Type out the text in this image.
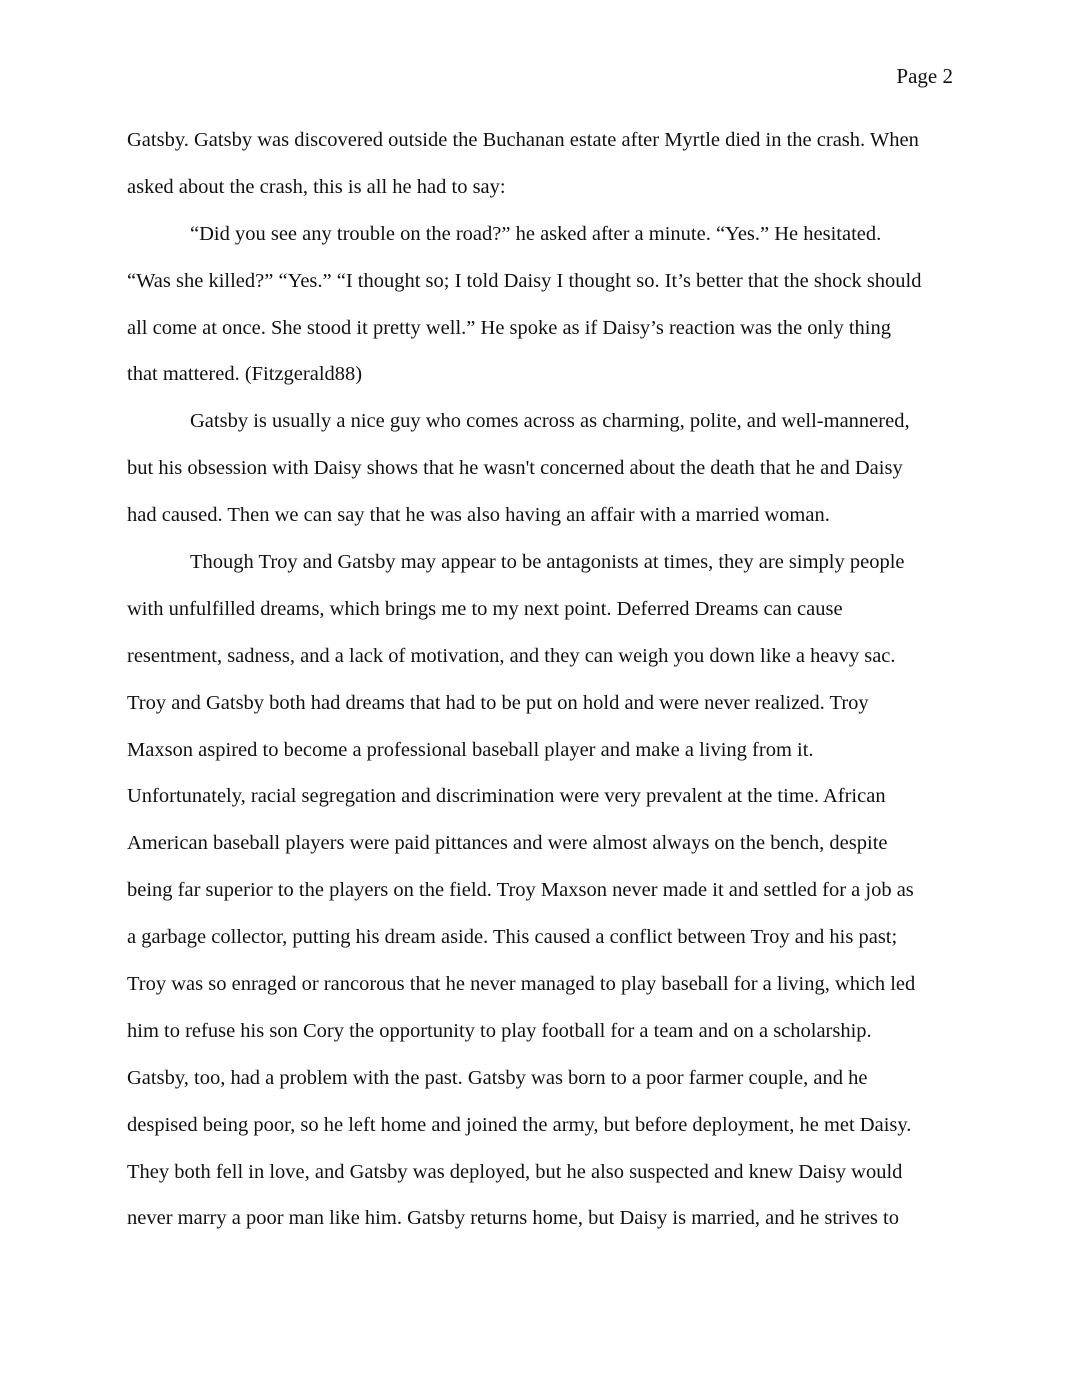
Page 2
Gatsby. Gatsby was discovered outside the Buchanan estate after Myrtle died in the crash. When
asked about the crash, this is all he had to say:
“Did you see any trouble on the road?” he asked after a minute. “Yes.” He hesitated.
“Was she killed?” “Yes.” “I thought so; I told Daisy I thought so. It’s better that the shock should
all come at once. She stood it pretty well.” He spoke as if Daisy’s reaction was the only thing
that mattered. (Fitzgerald88)
Gatsby is usually a nice guy who comes across as charming, polite, and well-mannered,
but his obsession with Daisy shows that he wasn't concerned about the death that he and Daisy
had caused. Then we can say that he was also having an affair with a married woman.
Though Troy and Gatsby may appear to be antagonists at times, they are simply people
with unfulfilled dreams, which brings me to my next point. Deferred Dreams can cause
resentment, sadness, and a lack of motivation, and they can weigh you down like a heavy sac.
Troy and Gatsby both had dreams that had to be put on hold and were never realized. Troy
Maxson aspired to become a professional baseball player and make a living from it.
Unfortunately, racial segregation and discrimination were very prevalent at the time. African
American baseball players were paid pittances and were almost always on the bench, despite
being far superior to the players on the field. Troy Maxson never made it and settled for a job as
a garbage collector, putting his dream aside. This caused a conflict between Troy and his past;
Troy was so enraged or rancorous that he never managed to play baseball for a living, which led
him to refuse his son Cory the opportunity to play football for a team and on a scholarship.
Gatsby, too, had a problem with the past. Gatsby was born to a poor farmer couple, and he
despised being poor, so he left home and joined the army, but before deployment, he met Daisy.
They both fell in love, and Gatsby was deployed, but he also suspected and knew Daisy would
never marry a poor man like him. Gatsby returns home, but Daisy is married, and he strives to
